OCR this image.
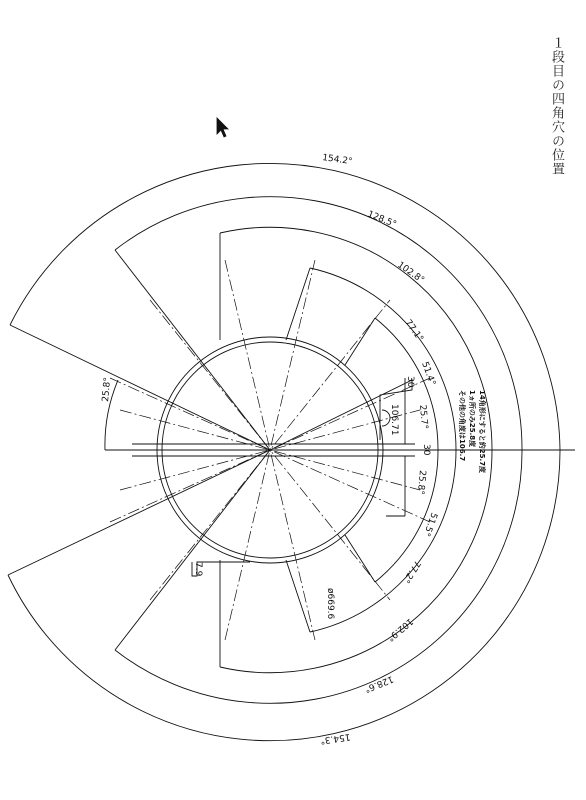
１段目の四角穴の位置
154.2°
128.5°
102.8°
77.1°
51.4°
25.7°
25.8°
51.5°
77.2°
102.9°
128.6°
154.3°
25.8°
106.71
30
30
7.9
ø669.6
14角形にすると約25.7度
1ヵ所のみ25.8度
その他の角度は106.7
